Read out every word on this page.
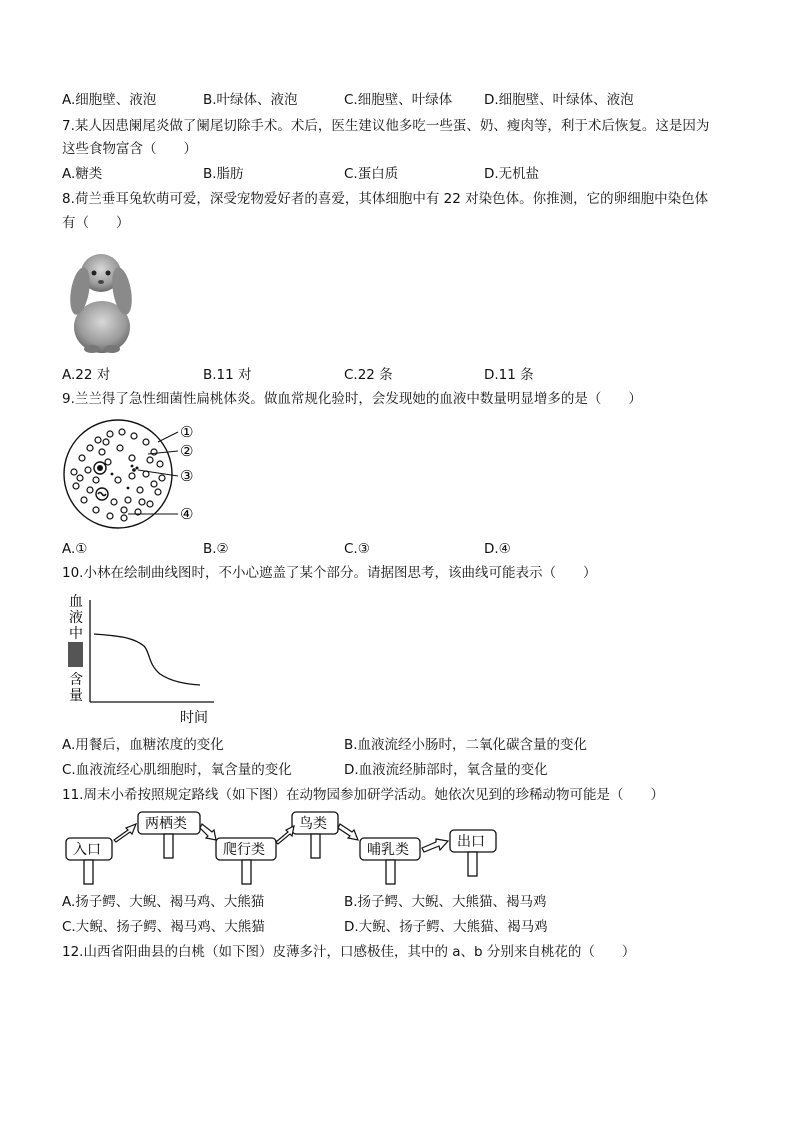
A.细胞壁、液泡	B.叶绿体、液泡	C.细胞壁、叶绿体 D.细胞壁、叶绿体、液泡
7.某人因患阑尾炎做了阑尾切除手术。术后，医生建议他多吃一些蛋、奶、瘦肉等，利于术后恢复。这是因为
这些食物富含（　　）
A.糖类	B.脂肪	C.蛋白质	D.无机盐
8.荷兰垂耳兔软萌可爱，深受宠物爱好者的喜爱，其体细胞中有 22 对染色体。你推测，它的卵细胞中染色体
有（　　）
A.22 对	B.11 对	C.22 条	D.11 条
9.兰兰得了急性细菌性扁桃体炎。做血常规化验时，会发现她的血液中数量明显增多的是（　　）
①
②
③
④
A.①	B.②	C.③	D.④
10.小林在绘制曲线图时，不小心遮盖了某个部分。请据图思考，该曲线可能表示（　　）
血
液
中
含
量
时间
A.用餐后，血糖浓度的变化	B.血液流经小肠时，二氧化碳含量的变化
C.血液流经心肌细胞时，氧含量的变化	D.血液流经肺部时，氧含量的变化
11.周末小希按照规定路线（如下图）在动物园参加研学活动。她依次见到的珍稀动物可能是（　　）
入口
两栖类
爬行类
鸟类
哺乳类	出口
A.扬子鳄、大鲵、褐马鸡、大熊猫	B.扬子鳄、大鲵、大熊猫、褐马鸡
C.大鲵、扬子鳄、褐马鸡、大熊猫	D.大鲵、扬子鳄、大熊猫、褐马鸡
12.山西省阳曲县的白桃（如下图）皮薄多汁，口感极佳，其中的 a、b 分别来自桃花的（　　）
